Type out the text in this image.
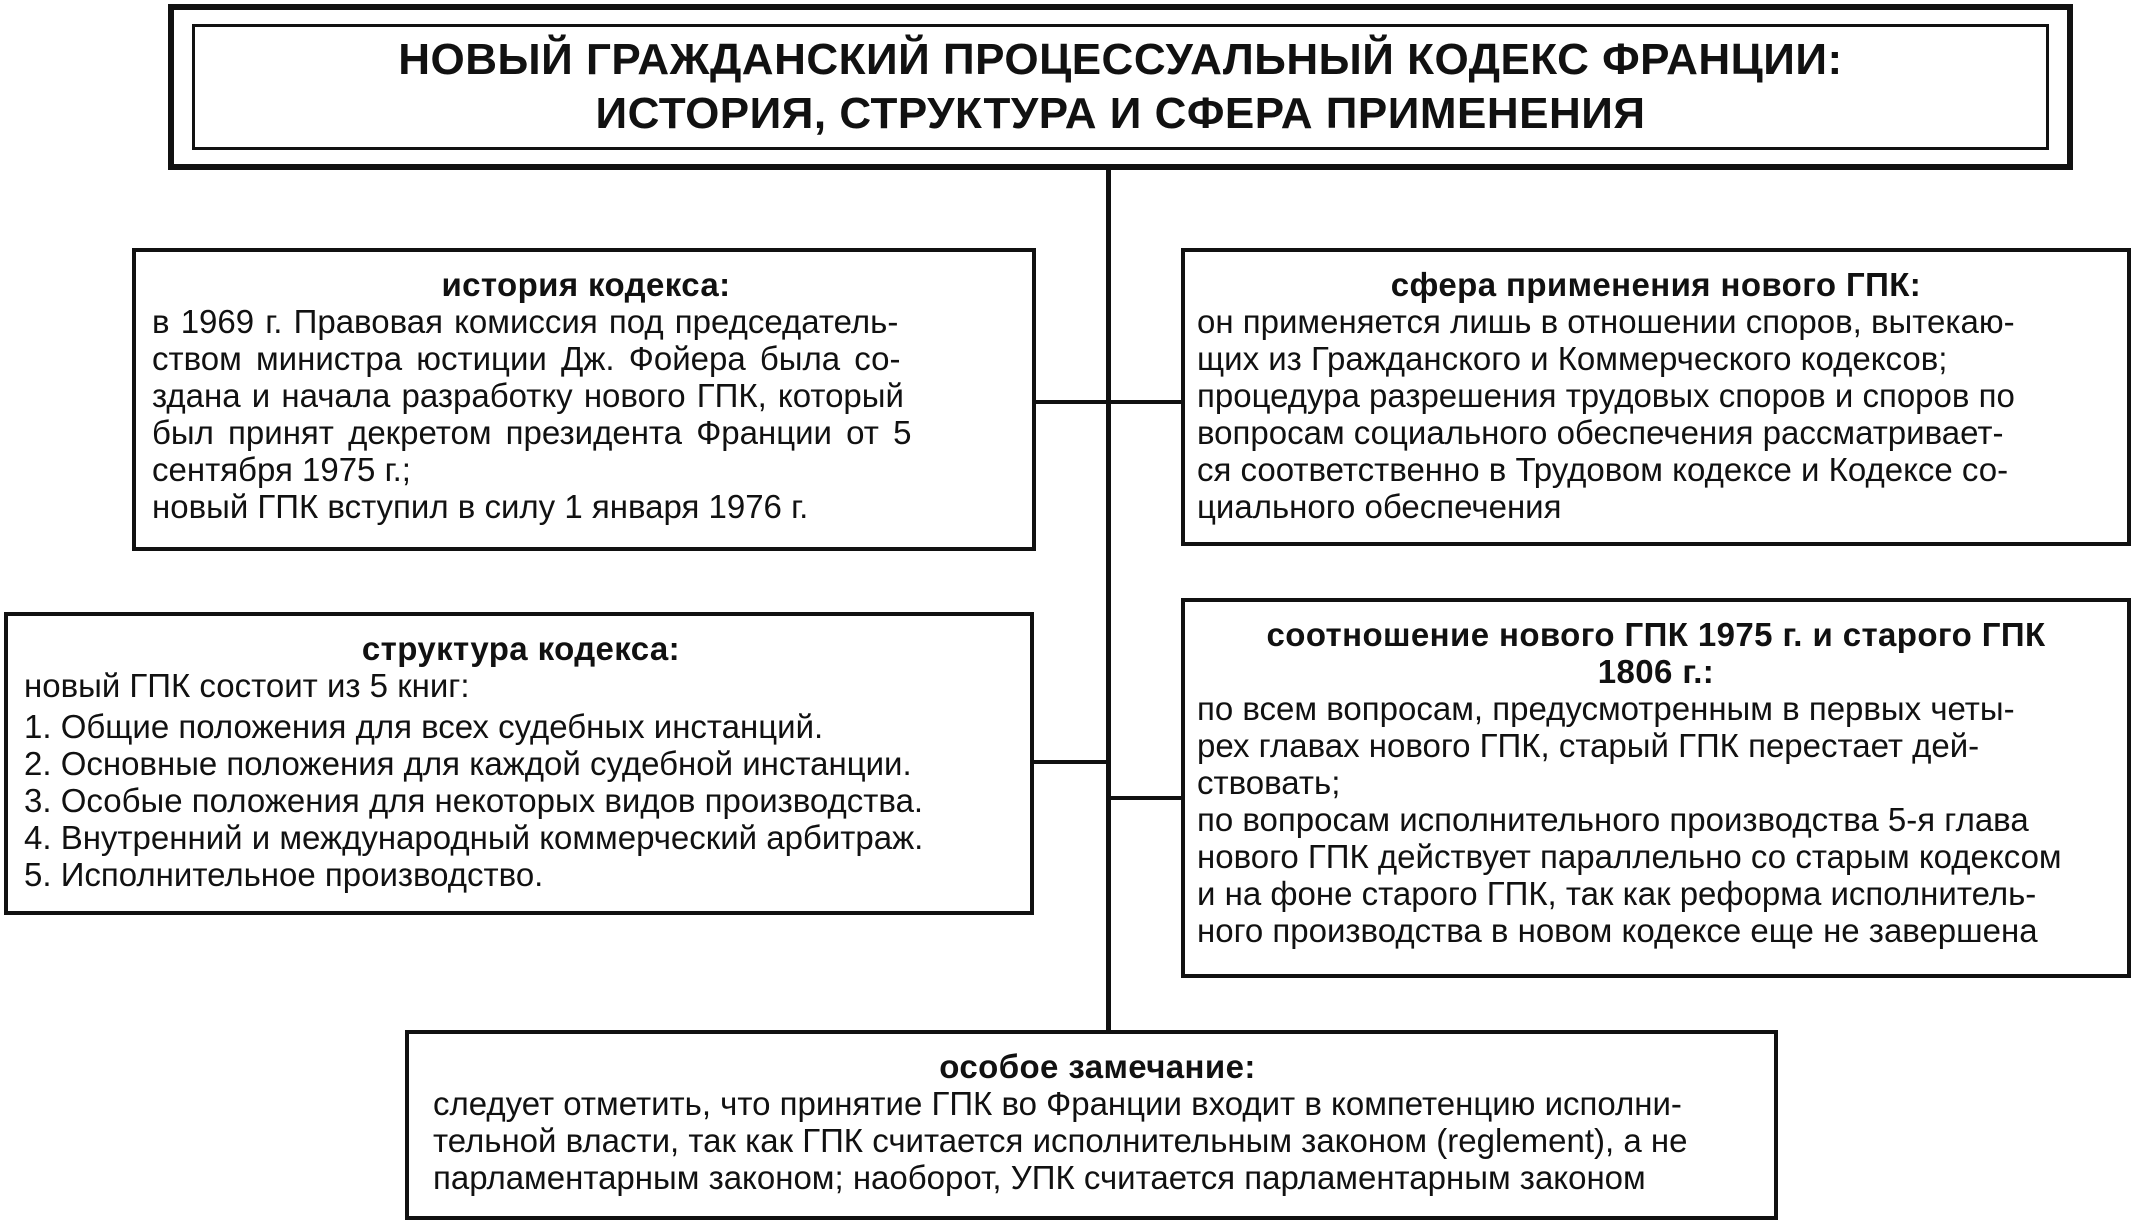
НОВЫЙ ГРАЖДАНСКИЙ ПРОЦЕССУАЛЬНЫЙ КОДЕКС ФРАНЦИИ:
ИСТОРИЯ, СТРУКТУРА И СФЕРА ПРИМЕНЕНИЯ
история кодекса:
в 1969 г. Правовая комиссия под председатель-
ством министра юстиции Дж. Фойера была со-
здана и начала разработку нового ГПК, который
был принят декретом президента Франции от 5
сентября 1975 г.;
новый ГПК вступил в силу 1 января 1976 г.
сфера применения нового ГПК:
он применяется лишь в отношении споров, вытекаю-
щих из Гражданского и Коммерческого кодексов;
процедура разрешения трудовых споров и споров по
вопросам социального обеспечения рассматривает-
ся соответственно в Трудовом кодексе и Кодексе со-
циального обеспечения
структура кодекса:
новый ГПК состоит из 5 книг:
1. Общие положения для всех судебных инстанций.
2. Основные положения для каждой судебной инстанции.
3. Особые положения для некоторых видов производства.
4. Внутренний и международный коммерческий арбитраж.
5. Исполнительное производство.
соотношение нового ГПК 1975 г. и старого ГПК
1806 г.:
по всем вопросам, предусмотренным в первых четы-
рех главах нового ГПК, старый ГПК перестает дей-
ствовать;
по вопросам исполнительного производства 5-я глава
нового ГПК действует параллельно со старым кодексом
и на фоне старого ГПК, так как реформа исполнитель-
ного производства в новом кодексе еще не завершена
особое замечание:
следует отметить, что принятие ГПК во Франции входит в компетенцию исполни-
тельной власти, так как ГПК считается исполнительным законом (reglement), а не
парламентарным законом; наоборот, УПК считается парламентарным законом
